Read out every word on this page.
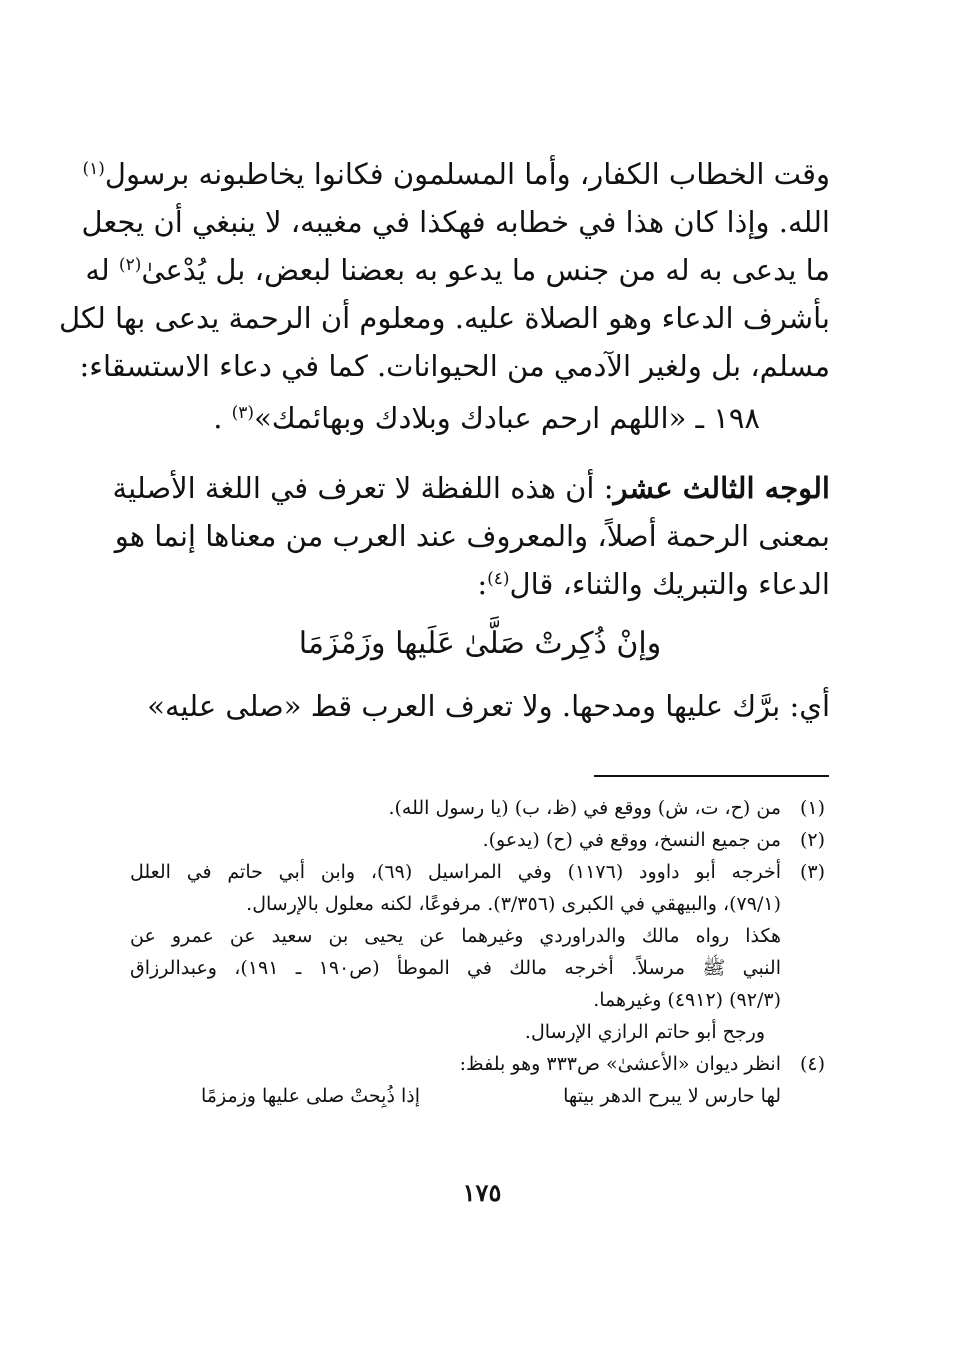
وقت الخطاب الكفار، وأما المسلمون فكانوا يخاطبونه برسول$^{(١)}$
الله. وإذا كان هذا في خطابه فهكذا في مغيبه، لا ينبغي أن يجعل
ما يدعى به له من جنس ما يدعو به بعضنا لبعض، بل يُدْعىٰ$^{(٢)}$ له
بأشرف الدعاء وهو الصلاة عليه. ومعلوم أن الرحمة يدعى بها لكل
مسلم، بل ولغير الآدمي من الحيوانات. كما في دعاء الاستسقاء:

١٩٨ ـ «اللهم ارحم عبادك وبلادك وبهائمك»$^{(٣)}$ .

الوجه الثالث عشر: أن هذه اللفظة لا تعرف في اللغة الأصلية
بمعنى الرحمة أصلاً، والمعروف عند العرب من معناها إنما هو
الدعاء والتبريك والثناء، قال$^{(٤)}$:

وإنْ ذُكِرتْ صَلَّىٰ عَلَيها وزَمْزَمَا
أي: برَّك عليها ومدحها. ولا تعرف العرب قط «صلى عليه»
(١)
من (ح، ت، ش) ووقع في (ظ، ب) (يا رسول الله).
(٢)
من جميع النسخ، ووقع في (ح) (يدعو).
(٣)
أخرجه أبو داوود (١١٧٦) وفي المراسيل (٦٩)، وابن أبي حاتم في العلل
(٧٩/١)، والبيهقي في الكبرى (٣/٣٥٦). مرفوعًا، لكنه معلول بالإرسال.
هكذا رواه مالك والدراوردي وغيرهما عن يحيى بن سعيد عن عمرو عن
النبي ﷺ مرسلاً. أخرجه مالك في الموطأ (ص١٩٠ ـ ١٩١)، وعبدالرزاق
(٩٢/٣) (٤٩١٢) وغيرهما.
ورجح أبو حاتم الرازي الإرسال.
(٤)
انظر ديوان «الأعشىٰ» ص٣٣٣ وهو بلفظ:
لها حارس لا يبرح الدهر بيتها
إذا ذُبِحتْ صلى عليها وزمزمًا
١٧٥
